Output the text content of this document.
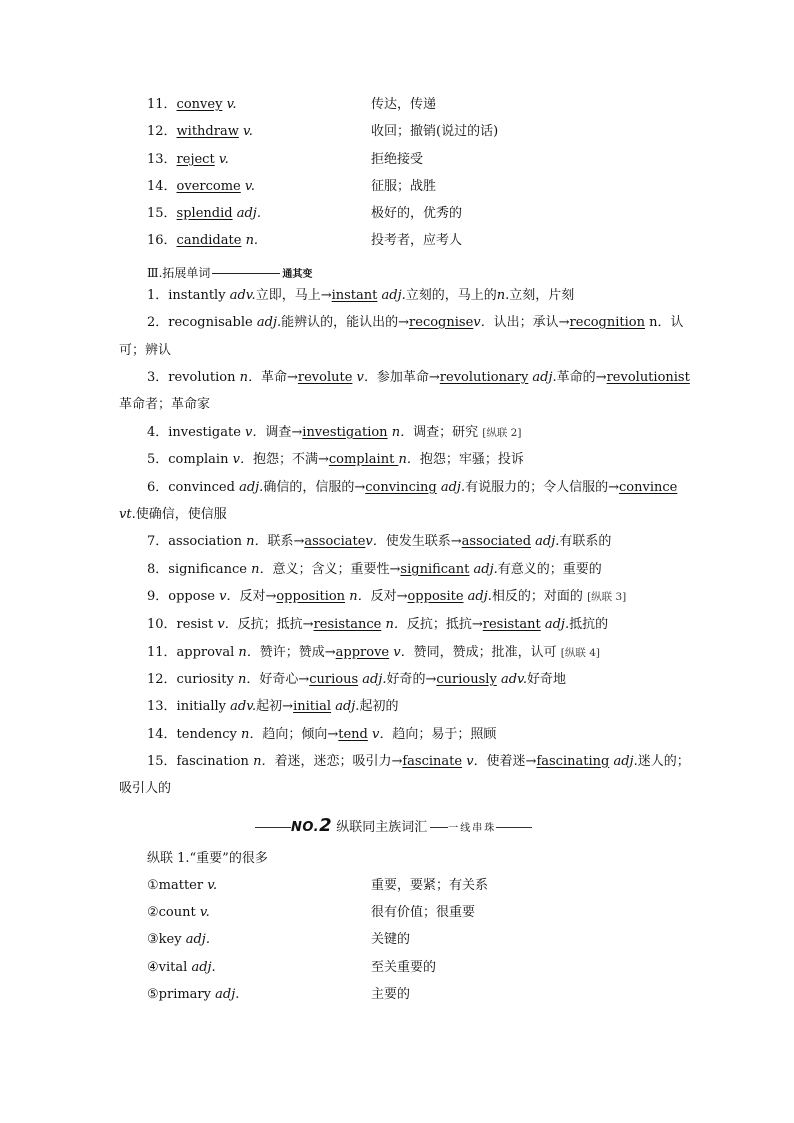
11．convey v.	传达，传递
12．withdraw v.	收回；撤销(说过的话)
13．reject v.	拒绝接受
14．overcome v.	征服；战胜
15．splendid adj.	极好的，优秀的
16．candidate n.	投考者，应考人
Ⅲ.拓展单词	通其变
1．instantly adv.立即，马上→instant adj.立刻的，马上的n.立刻，片刻
2．recognisable adj.能辨认的，能认出的→recognisev．认出；承认→recognition n．认
可；辨认
3．revolution n．革命→revolute v．参加革命→revolutionary adj.革命的→revolutionist
革命者；革命家
4．investigate v．调查→investigation n．调查；研究 [纵联 2]
5．complain v．抱怨；不满→complaint n．抱怨；牢骚；投诉
6．convinced adj.确信的，信服的→convincing adj.有说服力的；令人信服的→convince
vt.使确信，使信服
7．association n．联系→associatev．使发生联系→associated adj.有联系的
8．significance n．意义；含义；重要性→significant adj.有意义的；重要的
9．oppose v．反对→opposition n．反对→opposite adj.相反的；对面的 [纵联 3]
10．resist v．反抗；抵抗→resistance n．反抗；抵抗→resistant adj.抵抗的
11．approval n．赞许；赞成→approve v．赞同，赞成；批准，认可 [纵联 4]
12．curiosity n．好奇心→curious adj.好奇的→curiously adv.好奇地
13．initially adv.起初→initial adj.起初的
14．tendency n．趋向；倾向→tend v．趋向；易于；照顾
15．fascination n．着迷，迷恋；吸引力→fascinate v．使着迷→fascinating adj.迷人的；
吸引人的
NO.2 纵联同主族词汇 一线串珠
纵联 1.“重要”的很多
①matter v.	重要，要紧；有关系
②count v.	很有价值；很重要
③key adj.	关键的
④vital adj.	至关重要的
⑤primary adj.	主要的
